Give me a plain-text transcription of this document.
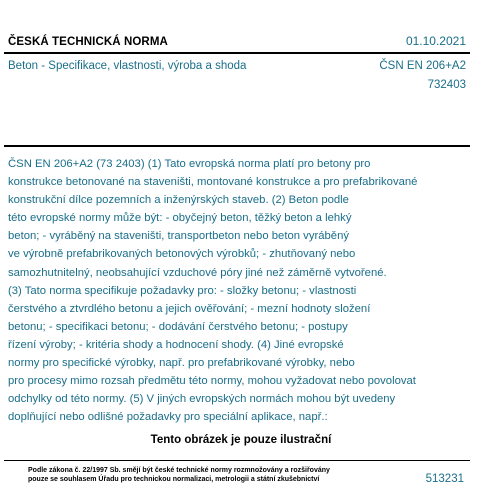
ČESKÁ TECHNICKÁ NORMA	01.10.2021
Beton - Specifikace, vlastnosti, výroba a shoda	ČSN EN 206+A2
732403
ČSN EN 206+A2 (73 2403) (1) Tato evropská norma platí pro betony pro
konstrukce betonované na staveništi, montované konstrukce a pro prefabrikované
konstrukční dílce pozemních a inženýrských staveb. (2) Beton podle
této evropské normy může být: - obyčejný beton, těžký beton a lehký
beton; - vyráběný na staveništi, transportbeton nebo beton vyráběný
ve výrobně prefabrikovaných betonových výrobků; - zhutňovaný nebo
samozhutnitelný, neobsahující vzduchové póry jiné než záměrně vytvořené.
(3) Tato norma specifikuje požadavky pro: - složky betonu; - vlastnosti
čerstvého a ztvrdlého betonu a jejich ověřování; - mezní hodnoty složení
betonu; - specifikaci betonu; - dodávání čerstvého betonu; - postupy
řízení výroby; - kritéria shody a hodnocení shody. (4) Jiné evropské
normy pro specifické výrobky, např. pro prefabrikované výrobky, nebo
pro procesy mimo rozsah předmětu této normy, mohou vyžadovat nebo povolovat
odchylky od této normy. (5) V jiných evropských normách mohou být uvedeny
doplňující nebo odlišné požadavky pro speciální aplikace, např.:
Tento obrázek je pouze ilustrační
Podle zákona č. 22/1997 Sb. smějí být české technické normy rozmnožovány a rozšiřovány
pouze se souhlasem Úřadu pro technickou normalizaci, metrologii a státní zkušebnictví	513231
